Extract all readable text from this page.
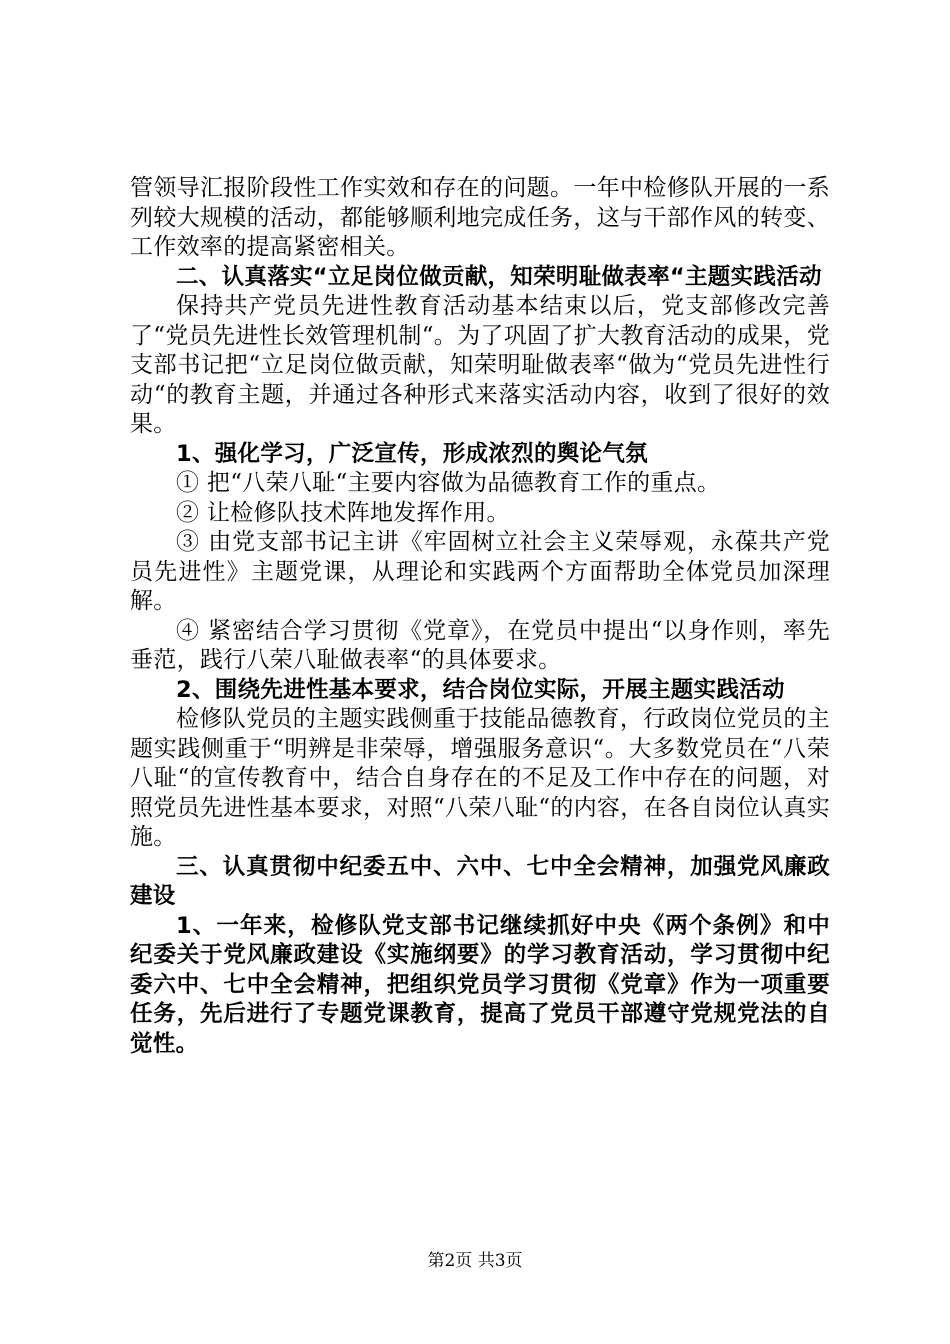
管领导汇报阶段性工作实效和存在的问题。一年中检修队开展的一系列较大规模的活动，都能够顺利地完成任务，这与干部作风的转变、工作效率的提高紧密相关。

二、认真落实“立足岗位做贡献，知荣明耻做表率“主题实践活动

保持共产党员先进性教育活动基本结束以后，党支部修改完善了“党员先进性长效管理机制“。为了巩固了扩大教育活动的成果，党支部书记把“立足岗位做贡献，知荣明耻做表率“做为“党员先进性行动“的教育主题，并通过各种形式来落实活动内容，收到了很好的效果。

1、强化学习，广泛宣传，形成浓烈的舆论气氛

① 把“八荣八耻“主要内容做为品德教育工作的重点。

② 让检修队技术阵地发挥作用。

③ 由党支部书记主讲《牢固树立社会主义荣辱观，永葆共产党员先进性》主题党课，从理论和实践两个方面帮助全体党员加深理解。

④ 紧密结合学习贯彻《党章》，在党员中提出“以身作则，率先垂范，践行八荣八耻做表率“的具体要求。

2、围绕先进性基本要求，结合岗位实际，开展主题实践活动

检修队党员的主题实践侧重于技能品德教育，行政岗位党员的主题实践侧重于“明辨是非荣辱，增强服务意识“。大多数党员在“八荣八耻“的宣传教育中，结合自身存在的不足及工作中存在的问题，对照党员先进性基本要求，对照“八荣八耻“的内容，在各自岗位认真实施。

三、认真贯彻中纪委五中、六中、七中全会精神，加强党风廉政建设

1、一年来，检修队党支部书记继续抓好中央《两个条例》和中纪委关于党风廉政建设《实施纲要》的学习教育活动，学习贯彻中纪委六中、七中全会精神，把组织党员学习贯彻《党章》作为一项重要任务，先后进行了专题党课教育，提高了党员干部遵守党规党法的自觉性。

第2页 共3页
